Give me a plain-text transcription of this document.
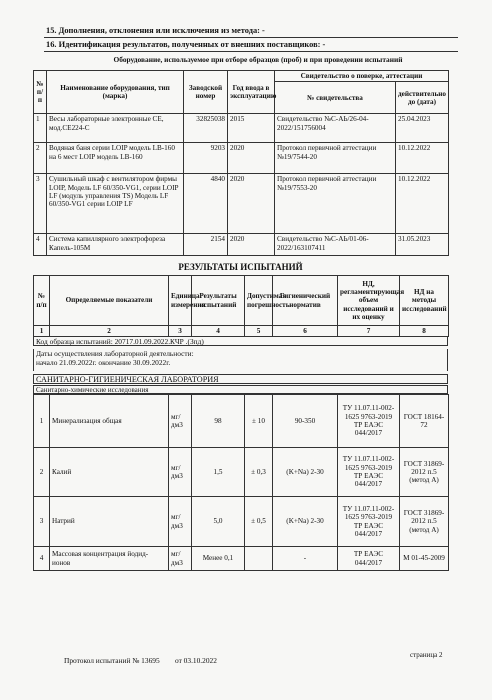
15. Дополнения, отклонения или исключения из метода: -
16. Идентификация результатов, полученных от внешних поставщиков: -
Оборудование, используемое при отборе образцов (проб) и при проведении испытаний
№ п/п	Наименование оборудования, тип (марка)	Заводской номер	Год ввода в эксплуатацию	Свидетельство о поверке, аттестации	
				№ свидетельства	действительно до (дата)
1	Весы лабораторные электронные CE, мод.CE224-C	32825038	2015	Свидетельство №С-АЬ/26-04-2022/151756004	25.04.2023
2	Водяная баня серии LOIP модель LB-160 на 6 мест LOIP модель LB-160	9203	2020	Протокол первичной аттестации №19/7544-20	10.12.2022
3	Сушильный шкаф с вентилятором фирмы LOIP, Модель LF 60/350-VG1, серии LOIP LF (модуль управления TS) Модель LF 60/350-VG1 серии LOIP LF	4840	2020	Протокол первичной аттестации №19/7553-20	10.12.2022
4	Система капиллярного электрофореза Капель-105М	2154	2020	Свидетельство №С-АЬ/01-06-2022/163107411	31.05.2023
РЕЗУЛЬТАТЫ ИСПЫТАНИЙ
№ п/п	Определяемые показатели	Единица измерения	Результаты испытаний	Допустимая погрешность	Гигиенический норматив	НД, регламентирующая объем исследований и их оценку	НД на методы исследований
1	2	3	4	5	6	7	8
Код образца испытаний: 20717.01.09.2022.КЧР .(Зпд)
Даты осуществления лабораторной деятельности:
начало 21.09.2022г. окончание 30.09.2022г.
САНИТАРНО-ГИГИЕНИЧЕСКАЯ ЛАБОРАТОРИЯ
Санитарно-химические исследования
1	Минерализация общая	мг/дм3	98	± 10	90-350	ТУ 11.07.11-002-1625 9763-2019 ТР ЕАЭС 044/2017	ГОСТ 18164-72
2	Калий	мг/дм3	1,5	± 0,3	(K+Na) 2-30	ТУ 11.07.11-002-1625 9763-2019 ТР ЕАЭС 044/2017	ГОСТ 31869-2012 п.5 (метод А)
3	Натрий	мг/дм3	5,0	± 0,5	(K+Na) 2-30	ТУ 11.07.11-002-1625 9763-2019 ТР ЕАЭС 044/2017	ГОСТ 31869-2012 п.5 (метод А)
4	Массовая концентрация йодид-ионов	мг/дм3	Менее 0,1		-	ТР ЕАЭС 044/2017	М 01-45-2009
Протокол испытаний № 13695 от 03.10.2022
страница 2
